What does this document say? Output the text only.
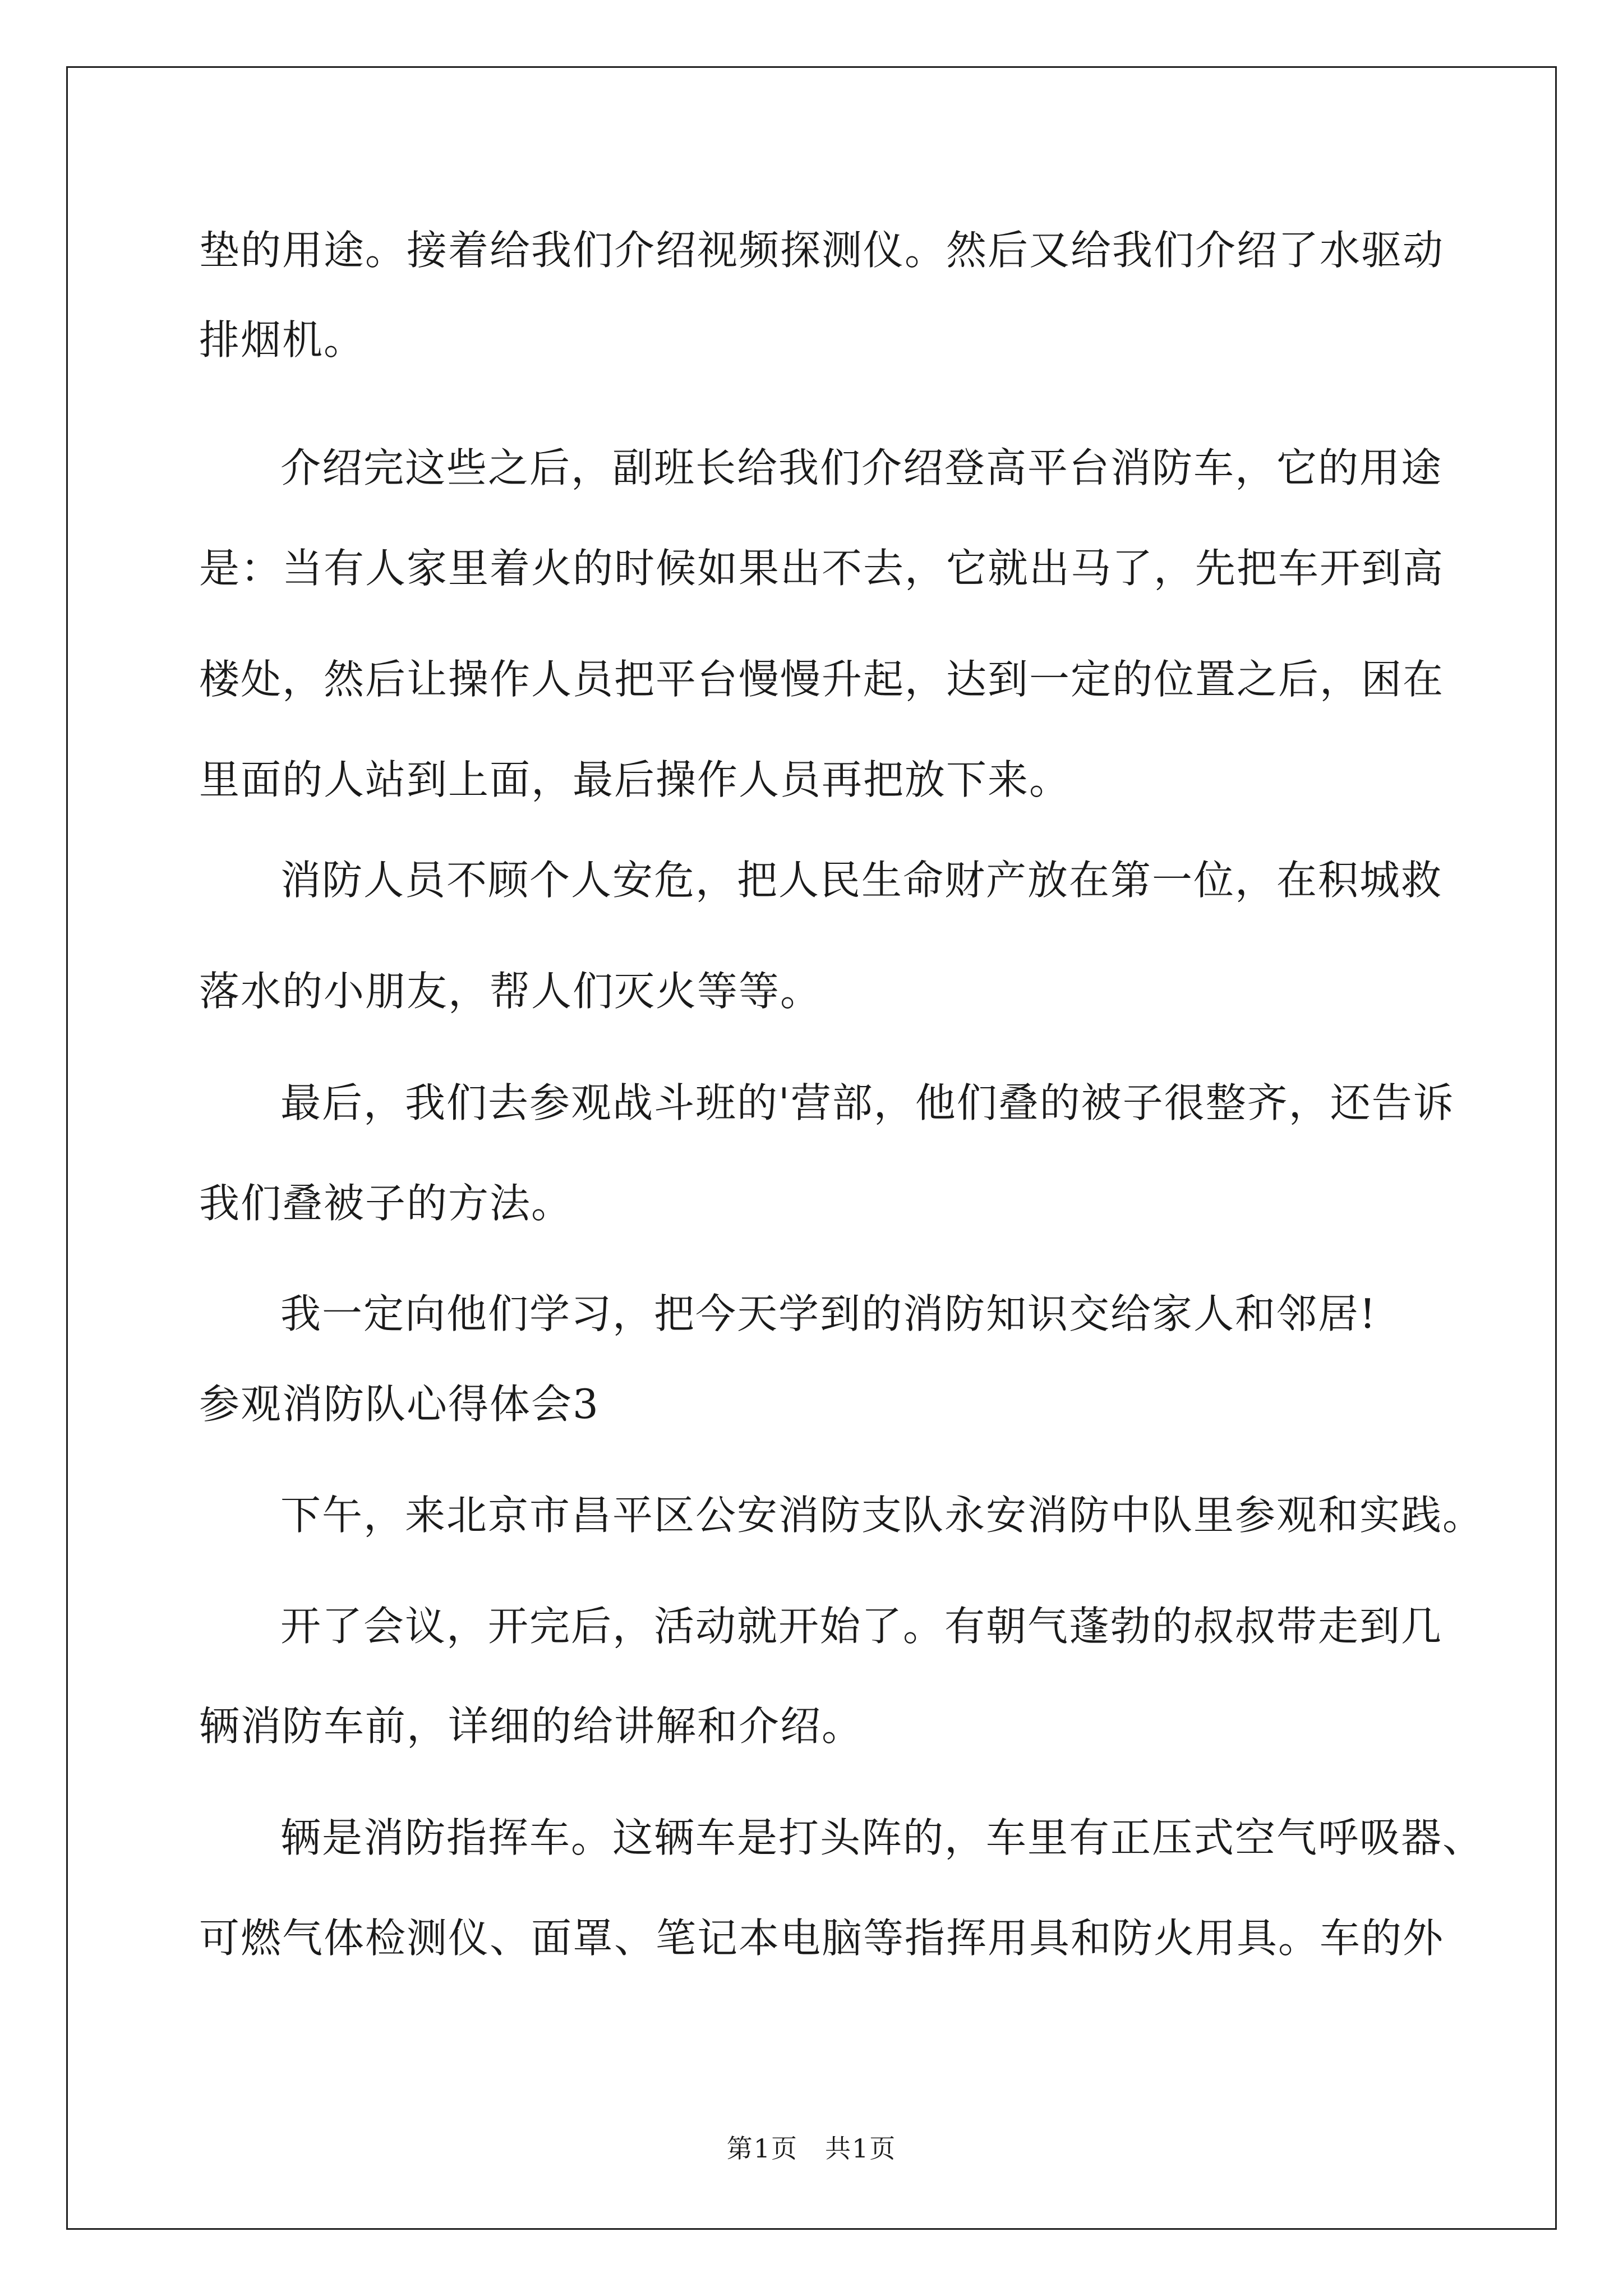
垫的用途。接着给我们介绍视频探测仪。然后又给我们介绍了水驱动
排烟机。
介绍完这些之后，副班长给我们介绍登高平台消防车，它的用途
是：当有人家里着火的时候如果出不去，它就出马了，先把车开到高
楼处，然后让操作人员把平台慢慢升起，达到一定的位置之后，困在
里面的人站到上面，最后操作人员再把放下来。
消防人员不顾个人安危，把人民生命财产放在第一位，在积城救
落水的小朋友，帮人们灭火等等。
最后，我们去参观战斗班的'营部，他们叠的被子很整齐，还告诉
我们叠被子的方法。
我一定向他们学习，把今天学到的消防知识交给家人和邻居!
参观消防队心得体会3
下午，来北京市昌平区公安消防支队永安消防中队里参观和实践。
开了会议，开完后，活动就开始了。有朝气蓬勃的叔叔带走到几
辆消防车前，详细的给讲解和介绍。
辆是消防指挥车。这辆车是打头阵的，车里有正压式空气呼吸器、
可燃气体检测仪、面罩、笔记本电脑等指挥用具和防火用具。车的外
第1页　共1页
